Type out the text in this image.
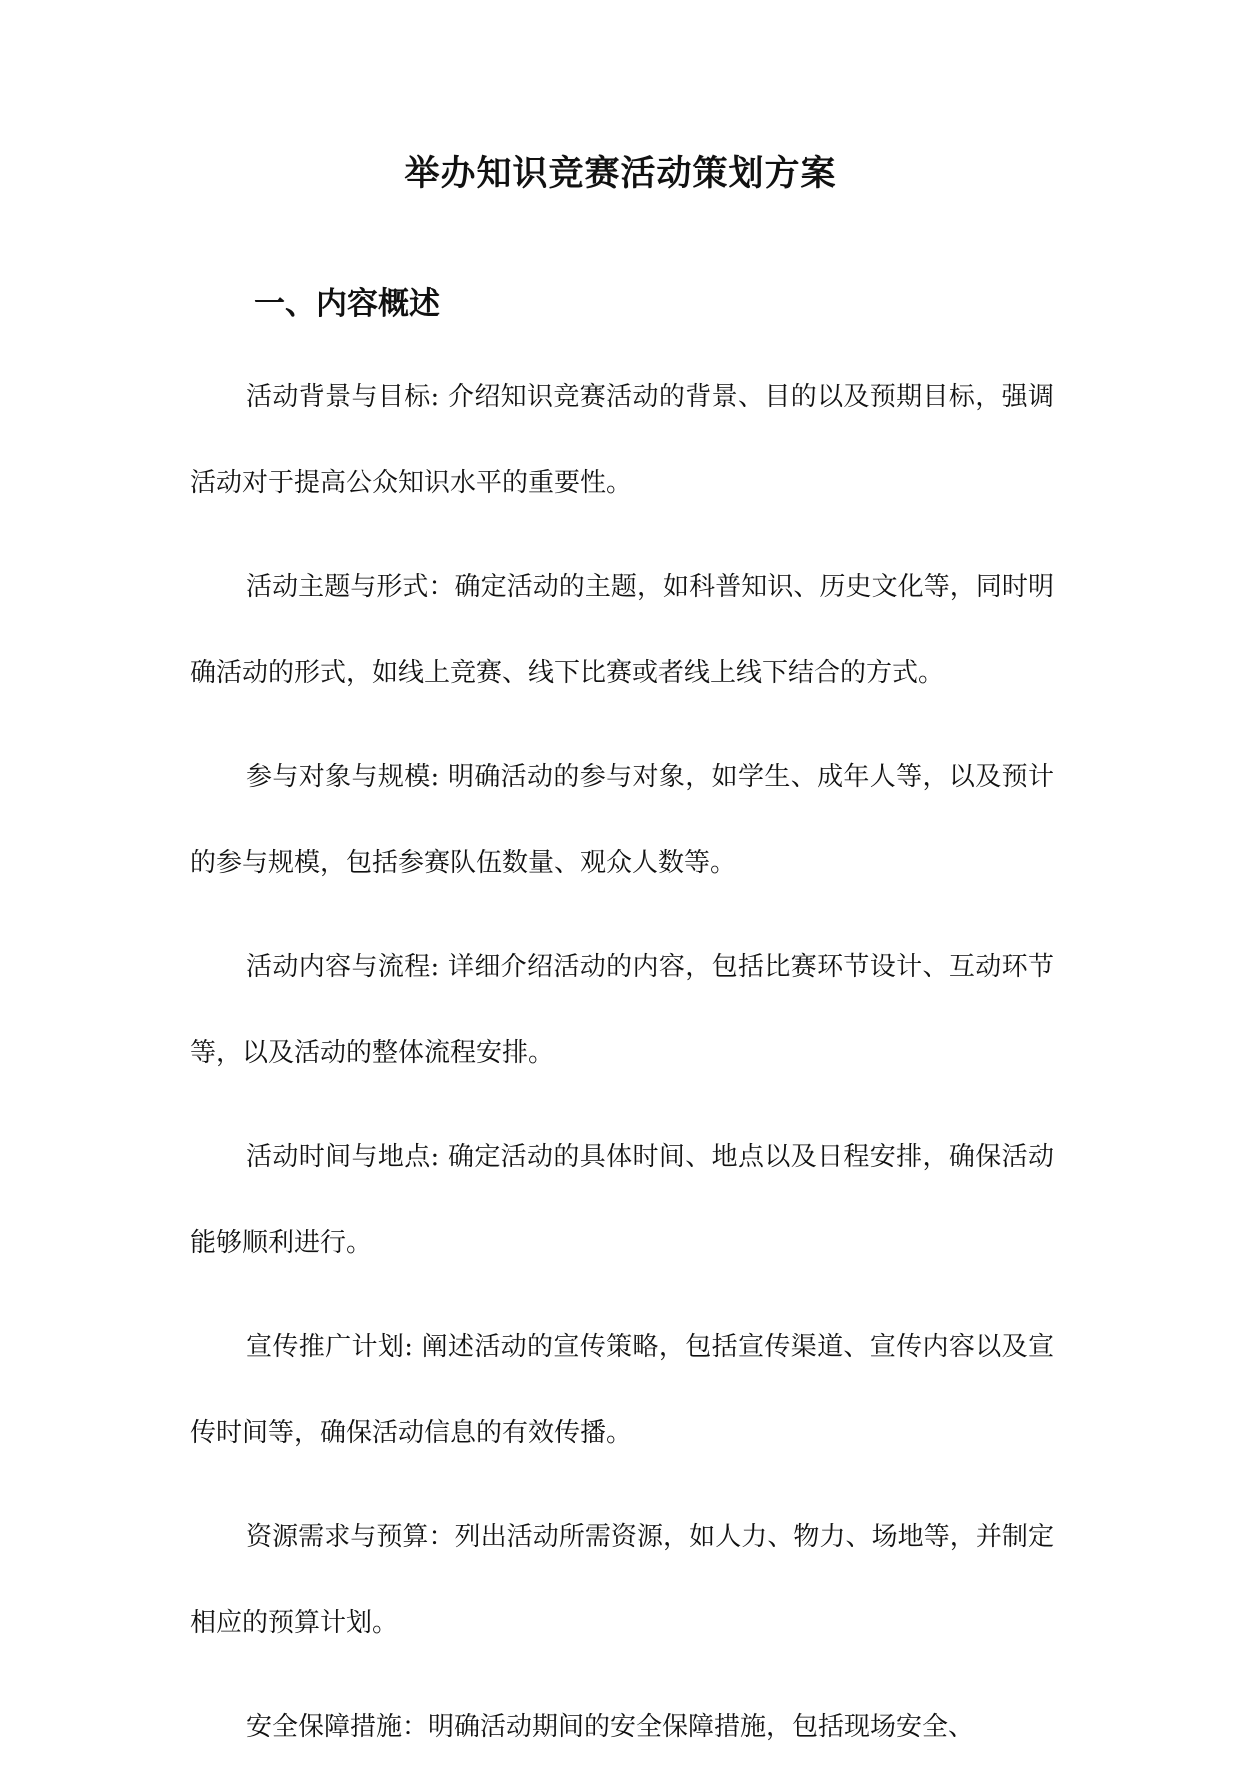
举办知识竞赛活动策划方案
一、内容概述

活动背景与目标: 介绍知识竞赛活动的背景、目的以及预期目标，强调活动对于提高公众知识水平的重要性。

活动主题与形式：确定活动的主题，如科普知识、历史文化等，同时明确活动的形式，如线上竞赛、线下比赛或者线上线下结合的方式。

参与对象与规模: 明确活动的参与对象，如学生、成年人等，以及预计的参与规模，包括参赛队伍数量、观众人数等。

活动内容与流程: 详细介绍活动的内容，包括比赛环节设计、互动环节等，以及活动的整体流程安排。

活动时间与地点: 确定活动的具体时间、地点以及日程安排，确保活动能够顺利进行。

宣传推广计划: 阐述活动的宣传策略，包括宣传渠道、宣传内容以及宣传时间等，确保活动信息的有效传播。

资源需求与预算：列出活动所需资源，如人力、物力、场地等，并制定相应的预算计划。

安全保障措施：明确活动期间的安全保障措施，包括现场安全、
